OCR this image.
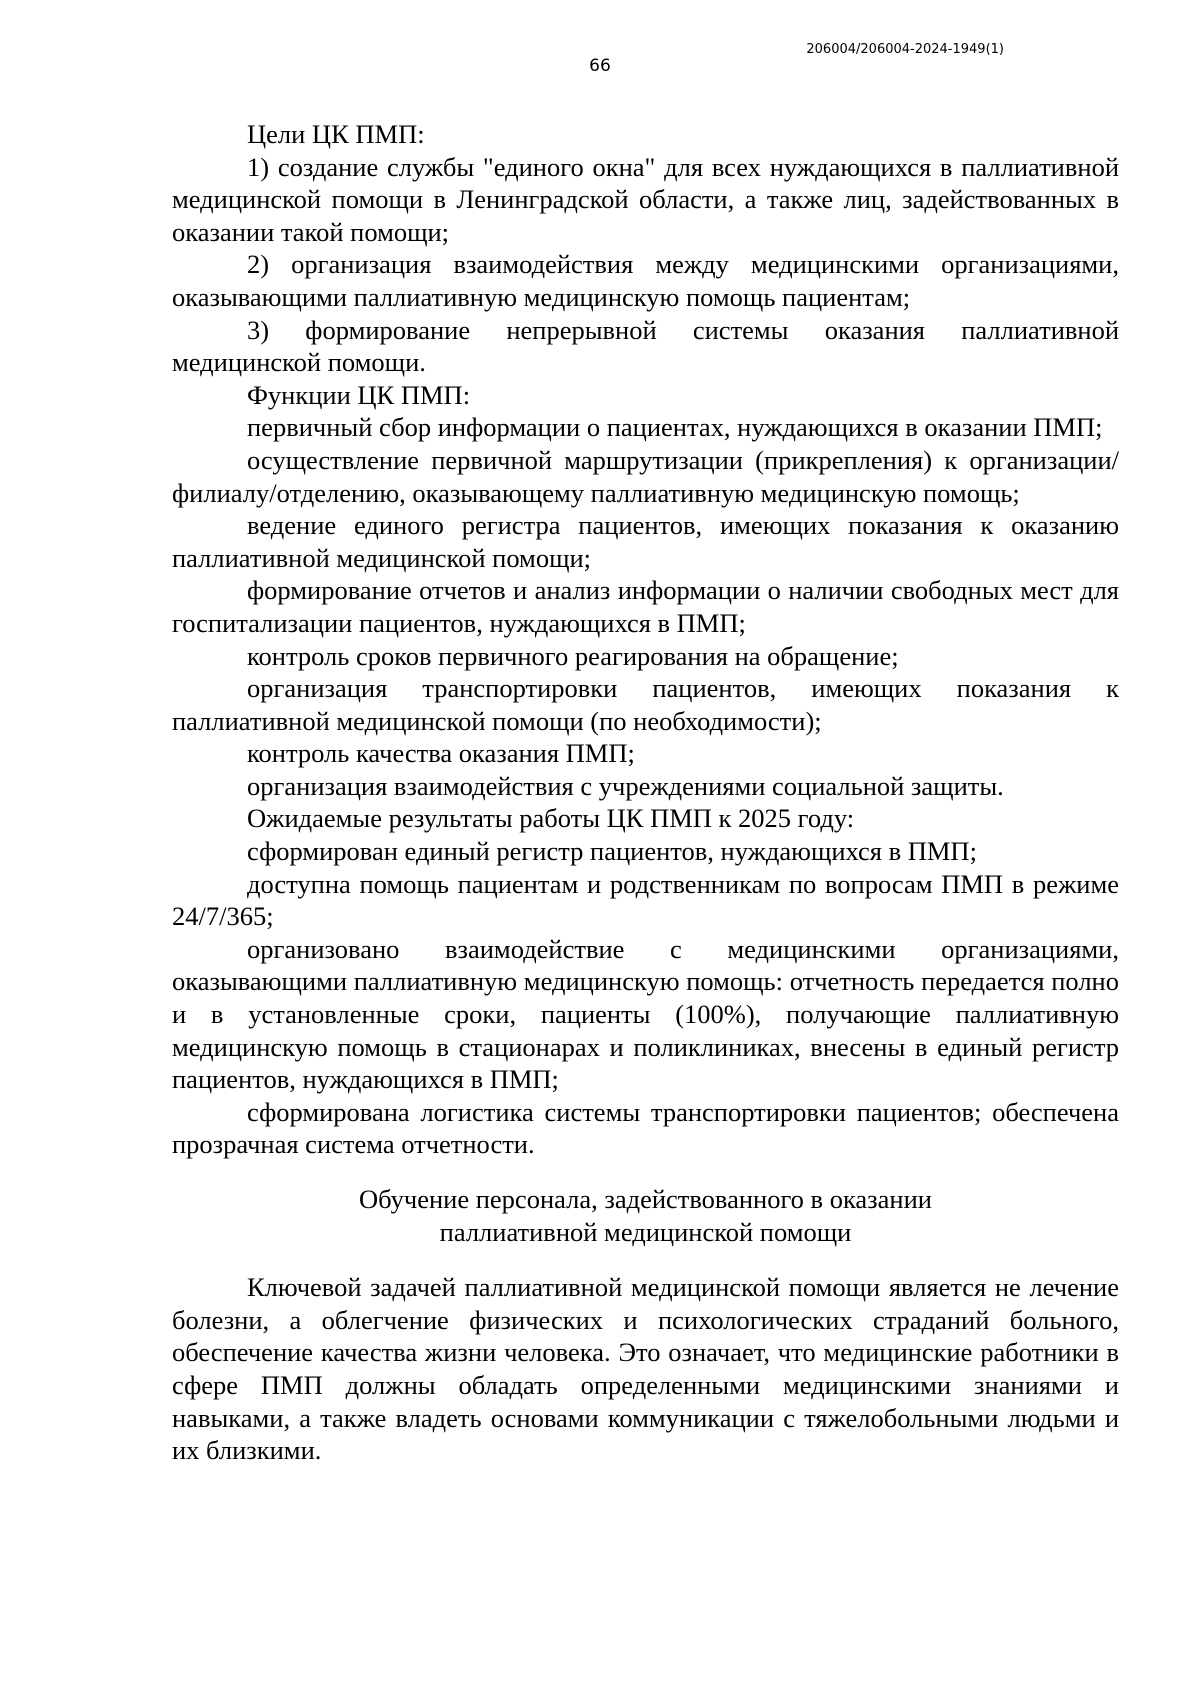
206004/206004-2024-1949(1)
66

Цели ЦК ПМП:

1) создание службы "единого окна" для всех нуждающихся в паллиативной медицинской помощи в Ленинградской области, а также лиц, задействованных в оказании такой помощи;

2) организация взаимодействия между медицинскими организациями, оказывающими паллиативную медицинскую помощь пациентам;

3) формирование непрерывной системы оказания паллиативной медицинской помощи.

Функции ЦК ПМП:

первичный сбор информации о пациентах, нуждающихся в оказании ПМП;

осуществление первичной маршрутизации (прикрепления) к организации/филиалу/отделению, оказывающему паллиативную медицинскую помощь;

ведение единого регистра пациентов, имеющих показания к оказанию паллиативной медицинской помощи;

формирование отчетов и анализ информации о наличии свободных мест для госпитализации пациентов, нуждающихся в ПМП;

контроль сроков первичного реагирования на обращение;

организация транспортировки пациентов, имеющих показания к паллиативной медицинской помощи (по необходимости);

контроль качества оказания ПМП;

организация взаимодействия с учреждениями социальной защиты.

Ожидаемые результаты работы ЦК ПМП к 2025 году:

сформирован единый регистр пациентов, нуждающихся в ПМП;

доступна помощь пациентам и родственникам по вопросам ПМП в режиме 24/7/365;

организовано взаимодействие с медицинскими организациями, оказывающими паллиативную медицинскую помощь: отчетность передается полно и в установленные сроки, пациенты (100%), получающие паллиативную медицинскую помощь в стационарах и поликлиниках, внесены в единый регистр пациентов, нуждающихся в ПМП;

сформирована логистика системы транспортировки пациентов; обеспечена прозрачная система отчетности.

Обучение персонала, задействованного в оказании

паллиативной медицинской помощи

Ключевой задачей паллиативной медицинской помощи является не лечение болезни, а облегчение физических и психологических страданий больного, обеспечение качества жизни человека. Это означает, что медицинские работники в сфере ПМП должны обладать определенными медицинскими знаниями и навыками, а также владеть основами коммуникации с тяжелобольными людьми и их близкими.
